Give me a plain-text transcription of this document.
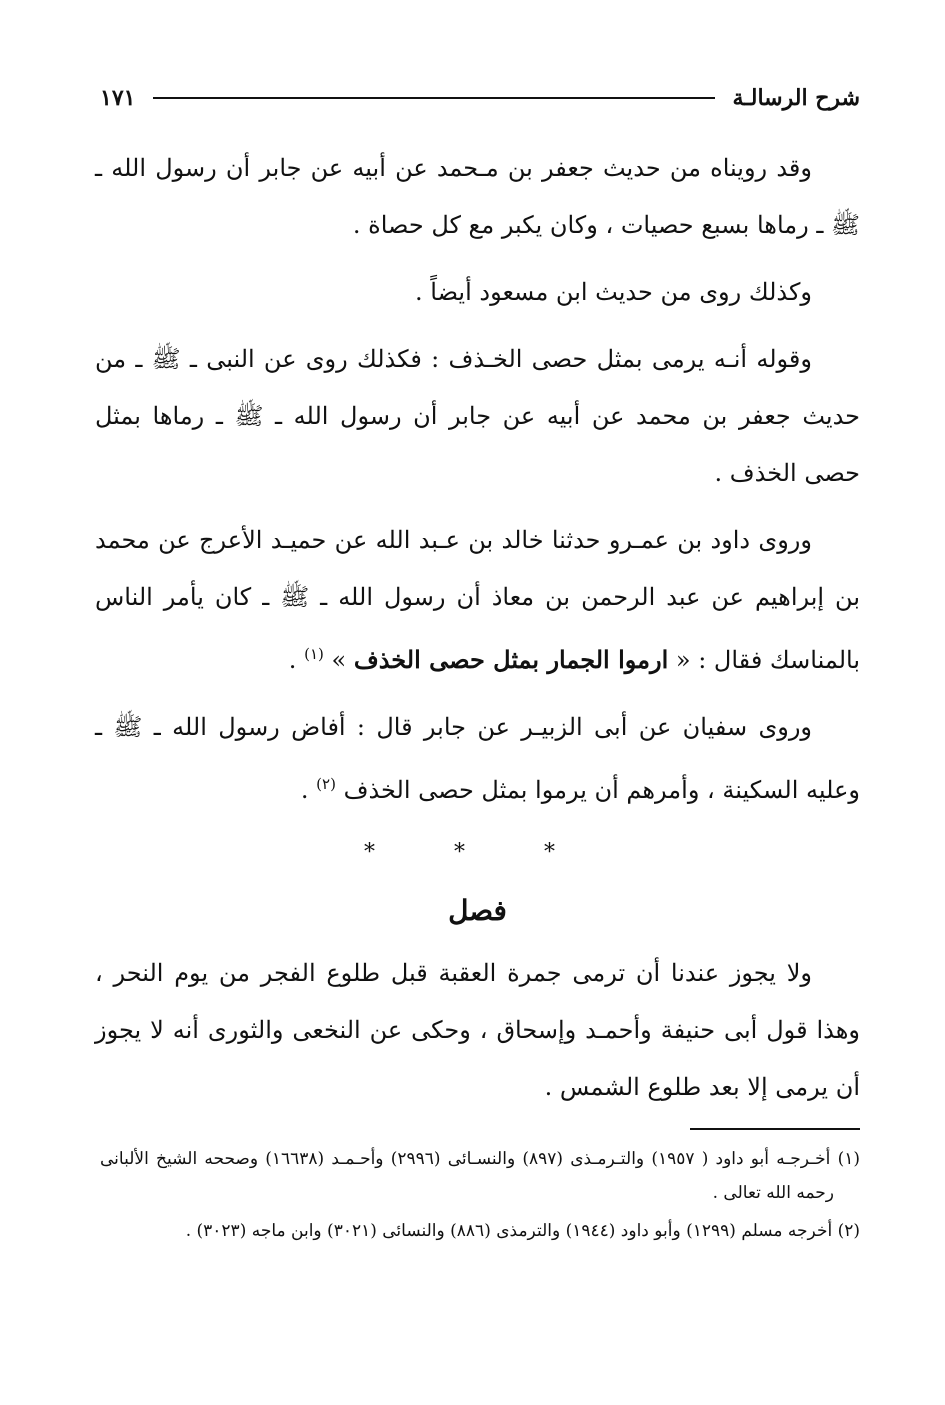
شرح الرسالـة
١٧١

وقد رويناه من حديث جعفر بن مـحمد عن أبيه عن جابر أن رسول الله ـ ﷺ ـ رماها بسبع حصيات ، وكان يكبر مع كل حصاة .

وكذلك روى من حديث ابن مسعود أيضاً .

وقوله أنـه يرمى بمثل حصى الخـذف : فكذلك روى عن النبى ـ ﷺ ـ من حديث جعفر بن محمد عن أبيه عن جابر أن رسول الله ـ ﷺ ـ رماها بمثل حصى الخذف .

وروى داود بن عمـرو حدثنا خالد بن عـبد الله عن حميـد الأعرج عن محمد بن إبراهيم عن عبد الرحمن بن معاذ أن رسول الله ـ ﷺ ـ كان يأمر الناس بالمناسك فقال : « ارموا الجمار بمثل حصى الخذف » $^{(١)}$ .

وروى سفيان عن أبى الزبيـر عن جابر قال : أفاض رسول الله ـ ﷺ ـ وعليه السكينة ، وأمرهم أن يرموا بمثل حصى الخذف $^{(٢)}$ .

* * *
فصل

ولا يجوز عندنا أن ترمى جمرة العقبة قبل طلوع الفجر من يوم النحر ، وهذا قول أبى حنيفة وأحمـد وإسحاق ، وحكى عن النخعى والثورى أنه لا يجوز أن يرمى إلا بعد طلوع الشمس .

(١) أخـرجـه أبو داود ( ١٩٥٧) والتـرمـذى (٨٩٧) والنسـائى (٢٩٩٦) وأحـمـد (١٦٦٣٨) وصححه الشيخ الألبانى رحمه الله تعالى .

(٢) أخرجه مسلم (١٢٩٩) وأبو داود (١٩٤٤) والترمذى (٨٨٦) والنسائى (٣٠٢١) وابن ماجه (٣٠٢٣) .
